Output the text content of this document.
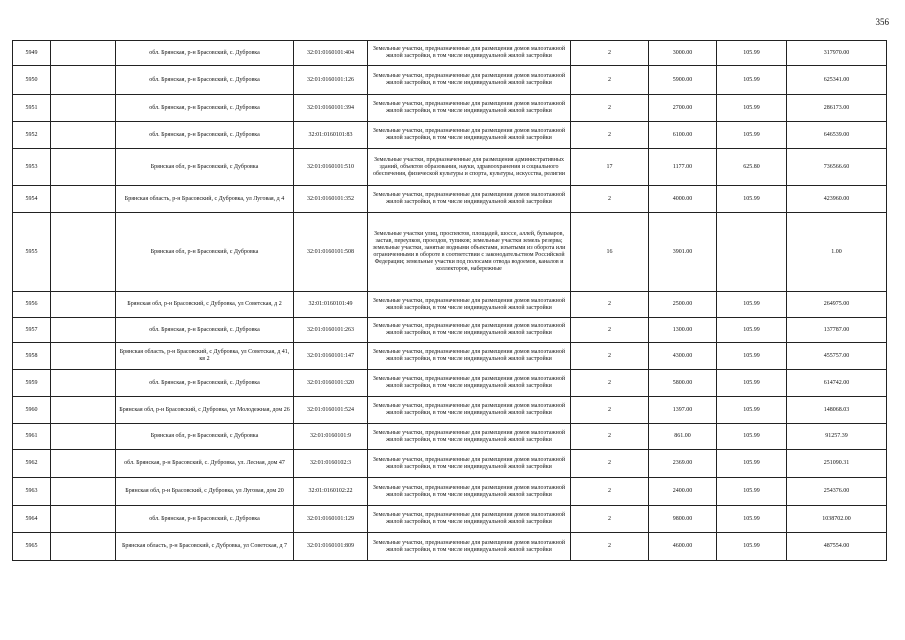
356
5949		обл. Брянская, р-н Брасовский, с. Дубровка	32:01:0160101:404	Земельные участки, предназначенные для размещения домов малоэтажной жилой застройки, в том числе индивидуальной жилой застройки	2	3000.00	105.99	317970.00
5950		обл. Брянская, р-н Брасовский, с. Дубровка	32:01:0160101:126	Земельные участки, предназначенные для размещения домов малоэтажной жилой застройки, в том числе индивидуальной жилой застройки	2	5900.00	105.99	625341.00
5951		обл. Брянская, р-н Брасовский, с. Дубровка	32:01:0160101:394	Земельные участки, предназначенные для размещения домов малоэтажной жилой застройки, в том числе индивидуальной жилой застройки	2	2700.00	105.99	286173.00
5952		обл. Брянская, р-н Брасовский, с. Дубровка	32:01:0160101:83	Земельные участки, предназначенные для размещения домов малоэтажной жилой застройки, в том числе индивидуальной жилой застройки	2	6100.00	105.99	646539.00
5953		Брянская обл, р-н Брасовский, с Дубровка	32:01:0160101:510	Земельные участки, предназначенные для размещения административных зданий, объектов образования, науки, здравоохранения и социального обеспечения, физической культуры и спорта, культуры, искусства, религии	17	1177.00	625.80	736566.60
5954		Брянская область, р-н Брасовский, с Дубровка, ул Луговая, д 4	32:01:0160101:352	Земельные участки, предназначенные для размещения домов малоэтажной жилой застройки, в том числе индивидуальной жилой застройки	2	4000.00	105.99	423960.00
5955		Брянская обл, р-н Брасовский, с Дубровка	32:01:0160101:508	Земельные участки улиц, проспектов, площадей, шоссе, аллей, бульваров, застав, переулков, проездов, тупиков; земельные участки земель резерва; земельные участки, занятые водными объектами, изъятыми из оборота или ограниченными в обороте в соответствии с законодательством Российской Федерации; земельные участки под полосами отвода водоемов, каналов и коллекторов, набережные	16	3901.00		1.00
5956		Брянская обл, р-н Брасовский, с Дубровка, ул Советская, д 2	32:01:0160101:49	Земельные участки, предназначенные для размещения домов малоэтажной жилой застройки, в том числе индивидуальной жилой застройки	2	2500.00	105.99	264975.00
5957		обл. Брянская, р-н Брасовский, с. Дубровка	32:01:0160101:263	Земельные участки, предназначенные для размещения домов малоэтажной жилой застройки, в том числе индивидуальной жилой застройки	2	1300.00	105.99	137787.00
5958		Брянская область, р-н Брасовский, с Дубровка, ул Советская, д 41, кв 2	32:01:0160101:147	Земельные участки, предназначенные для размещения домов малоэтажной жилой застройки, в том числе индивидуальной жилой застройки	2	4300.00	105.99	455757.00
5959		обл. Брянская, р-н Брасовский, с. Дубровка	32:01:0160101:320	Земельные участки, предназначенные для размещения домов малоэтажной жилой застройки, в том числе индивидуальной жилой застройки	2	5800.00	105.99	614742.00
5960		Брянская обл, р-н Брасовский, с Дубровка, ул Молодежная, дом 26	32:01:0160101:524	Земельные участки, предназначенные для размещения домов малоэтажной жилой застройки, в том числе индивидуальной жилой застройки	2	1397.00	105.99	148068.03
5961		Брянская обл, р-н Брасовский, с Дубровка	32:01:0160101:9	Земельные участки, предназначенные для размещения домов малоэтажной жилой застройки, в том числе индивидуальной жилой застройки	2	861.00	105.99	91257.39
5962		обл. Брянская, р-н Брасовский, с. Дубровка, ул. Лесная, дом 47	32:01:0160102:3	Земельные участки, предназначенные для размещения домов малоэтажной жилой застройки, в том числе индивидуальной жилой застройки	2	2369.00	105.99	251090.31
5963		Брянская обл, р-н Брасовский, с Дубровка, ул Луговая, дом 20	32:01:0160102:22	Земельные участки, предназначенные для размещения домов малоэтажной жилой застройки, в том числе индивидуальной жилой застройки	2	2400.00	105.99	254376.00
5964		обл. Брянская, р-н Брасовский, с. Дубровка	32:01:0160101:129	Земельные участки, предназначенные для размещения домов малоэтажной жилой застройки, в том числе индивидуальной жилой застройки	2	9800.00	105.99	1038702.00
5965		Брянская область, р-н Брасовский, с Дубровка, ул Советская, д 7	32:01:0160101:809	Земельные участки, предназначенные для размещения домов малоэтажной жилой застройки, в том числе индивидуальной жилой застройки	2	4600.00	105.99	487554.00
